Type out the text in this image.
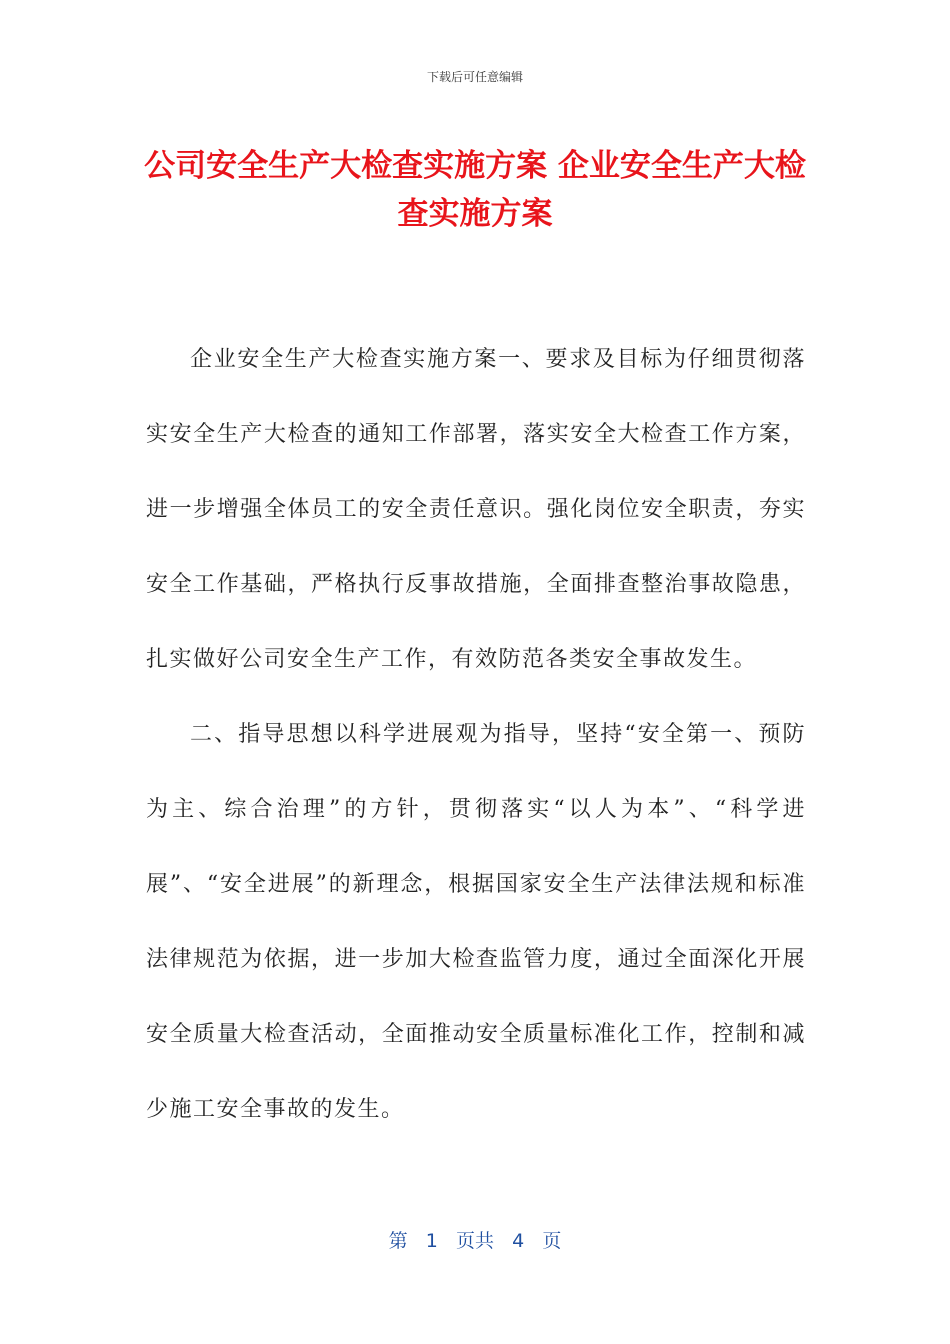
下载后可任意编辑
公司安全生产大检查实施方案 企业安全生产大检查实施方案

企业安全生产大检查实施方案一、要求及目标为仔细贯彻落实安全生产大检查的通知工作部署，落实安全大检查工作方案，进一步增强全体员工的安全责任意识。强化岗位安全职责，夯实安全工作基础，严格执行反事故措施，全面排查整治事故隐患，扎实做好公司安全生产工作，有效防范各类安全事故发生。

二、指导思想以科学进展观为指导，坚持“安全第一、预防为主、综合治理”的方针，贯彻落实“以人为本”、“科学进展”、“安全进展”的新理念，根据国家安全生产法律法规和标准法律规范为依据，进一步加大检查监管力度，通过全面深化开展安全质量大检查活动，全面推动安全质量标准化工作，控制和减少施工安全事故的发生。

第 1 页共 4 页
